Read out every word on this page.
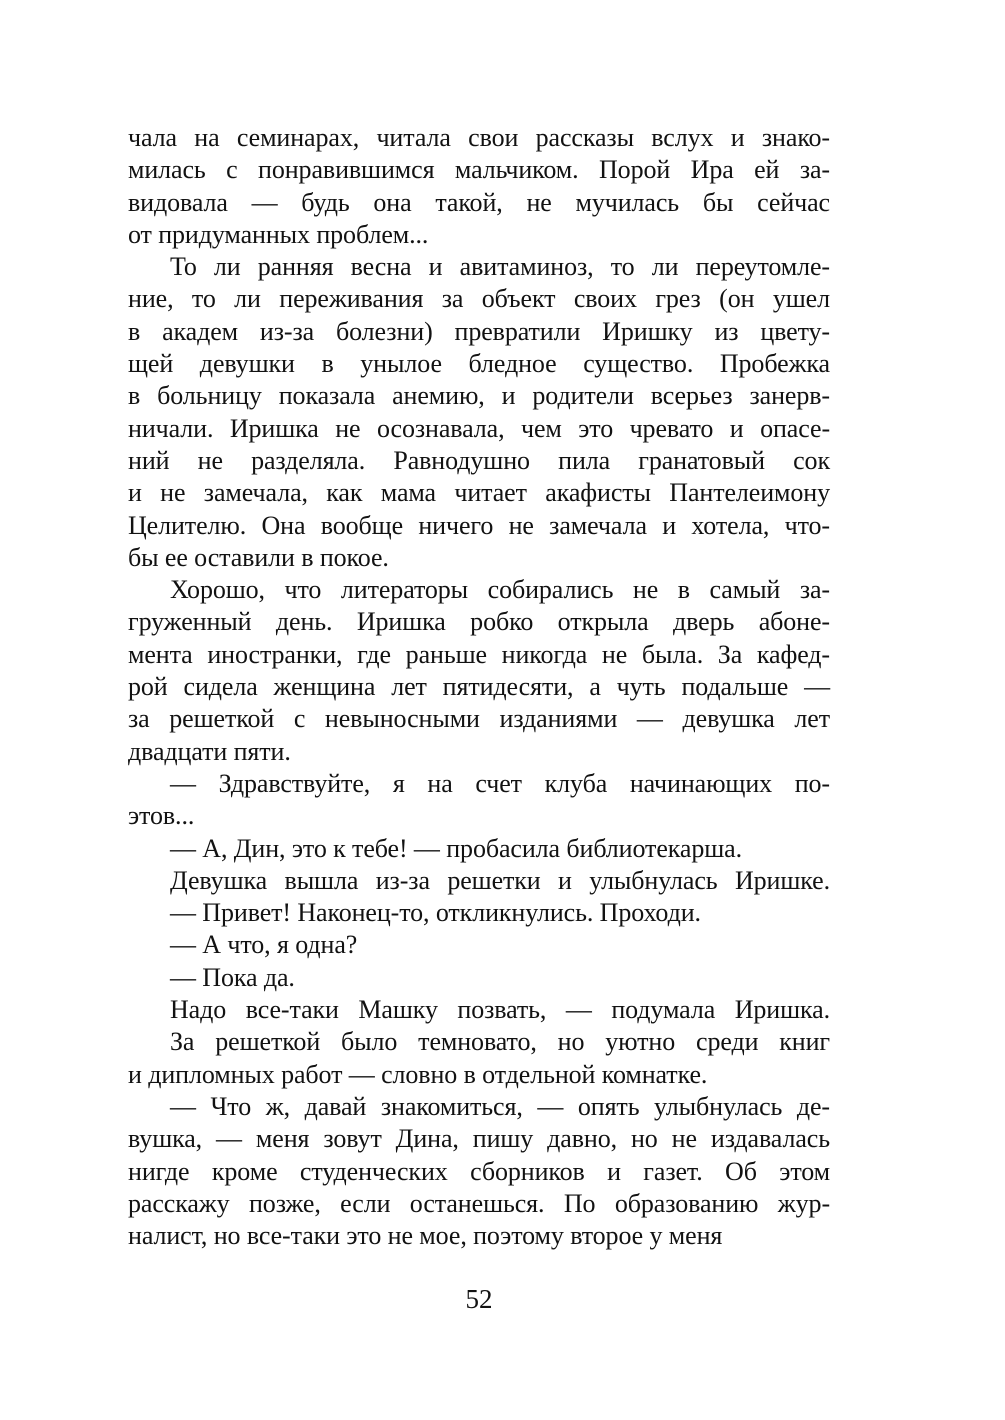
чала на семинарах, читала свои рассказы вслух и знако-
милась с понравившимся мальчиком. Порой Ира ей за-
видовала — будь она такой, не мучилась бы сейчас
от придуманных проблем...
То ли ранняя весна и авитаминоз, то ли переутомле-
ние, то ли переживания за объект своих грез (он ушел
в академ из-за болезни) превратили Иришку из цвету-
щей девушки в унылое бледное существо. Пробежка
в больницу показала анемию, и родители всерьез занерв-
ничали. Иришка не осознавала, чем это чревато и опасе-
ний не разделяла. Равнодушно пила гранатовый сок
и не замечала, как мама читает акафисты Пантелеимону
Целителю. Она вообще ничего не замечала и хотела, что-
бы ее оставили в покое.
Хорошо, что литераторы собирались не в самый за-
груженный день. Иришка робко открыла дверь абоне-
мента иностранки, где раньше никогда не была. За кафед-
рой сидела женщина лет пятидесяти, а чуть подальше —
за решеткой с невыносными изданиями — девушка лет
двадцати пяти.
— Здравствуйте, я на счет клуба начинающих по-
этов...
— А, Дин, это к тебе! — пробасила библиотекарша.
Девушка вышла из-за решетки и улыбнулась Иришке.
— Привет! Наконец-то, откликнулись. Проходи.
— А что, я одна?
— Пока да.
Надо все-таки Машку позвать, — подумала Иришка.
За решеткой было темновато, но уютно среди книг
и дипломных работ — словно в отдельной комнатке.
— Что ж, давай знакомиться, — опять улыбнулась де-
вушка, — меня зовут Дина, пишу давно, но не издавалась
нигде кроме студенческих сборников и газет. Об этом
расскажу позже, если останешься. По образованию жур-
налист, но все-таки это не мое, поэтому второе у меня
52
